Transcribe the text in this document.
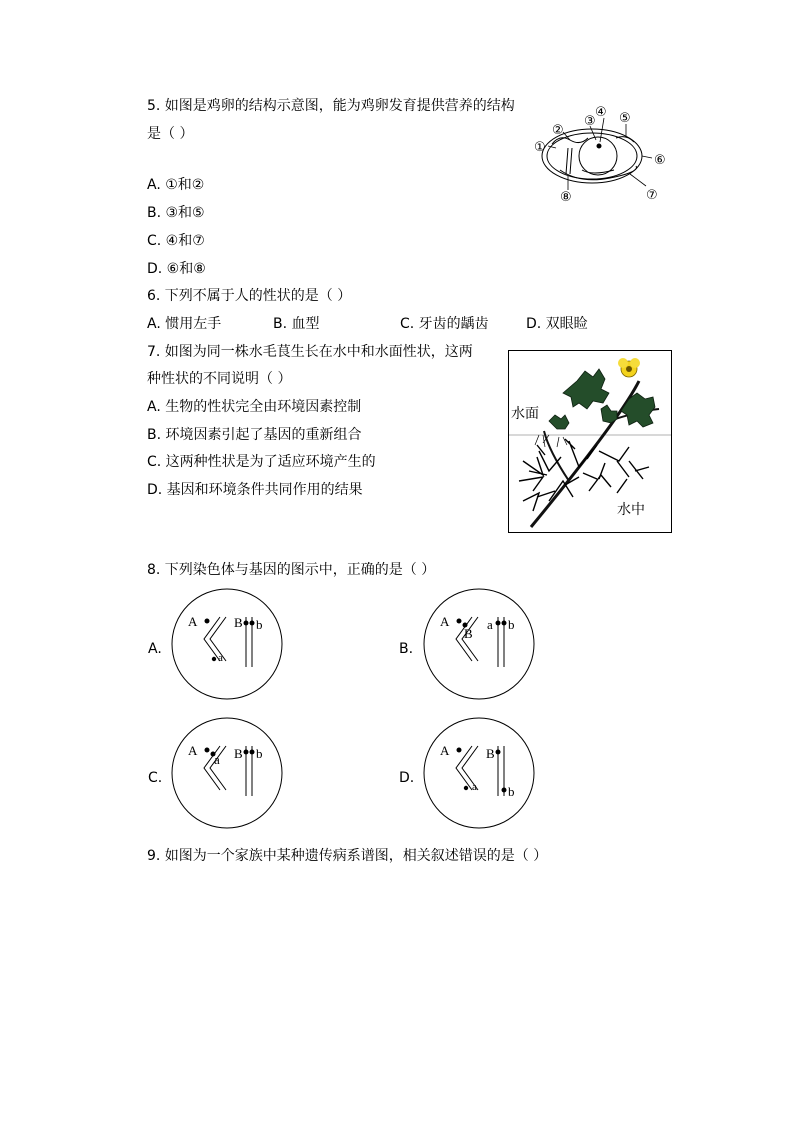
5. 如图是鸡卵的结构示意图，能为鸡卵发育提供营养的结构
是（ ）
①
②
③
④ ⑤
⑥
⑦
⑧
A. ①和②
B. ③和⑤
C. ④和⑦
D. ⑥和⑧
6. 下列不属于人的性状的是（ ）
A. 惯用左手	B. 血型	C. 牙齿的龋齿	D. 双眼睑
7. 如图为同一株水毛茛生长在水中和水面性状，这两
种性状的不同说明（ ）
A. 生物的性状完全由环境因素控制
B. 环境因素引起了基因的重新组合
C. 这两种性状是为了适应环境产生的
D. 基因和环境条件共同作用的结果
水面
水中
8. 下列染色体与基因的图示中，正确的是（ ）
A.
A
a
B b
B.
A
B
a b
C.
A
a B b
D.
A
a
B
b
9. 如图为一个家族中某种遗传病系谱图，相关叙述错误的是（ ）
